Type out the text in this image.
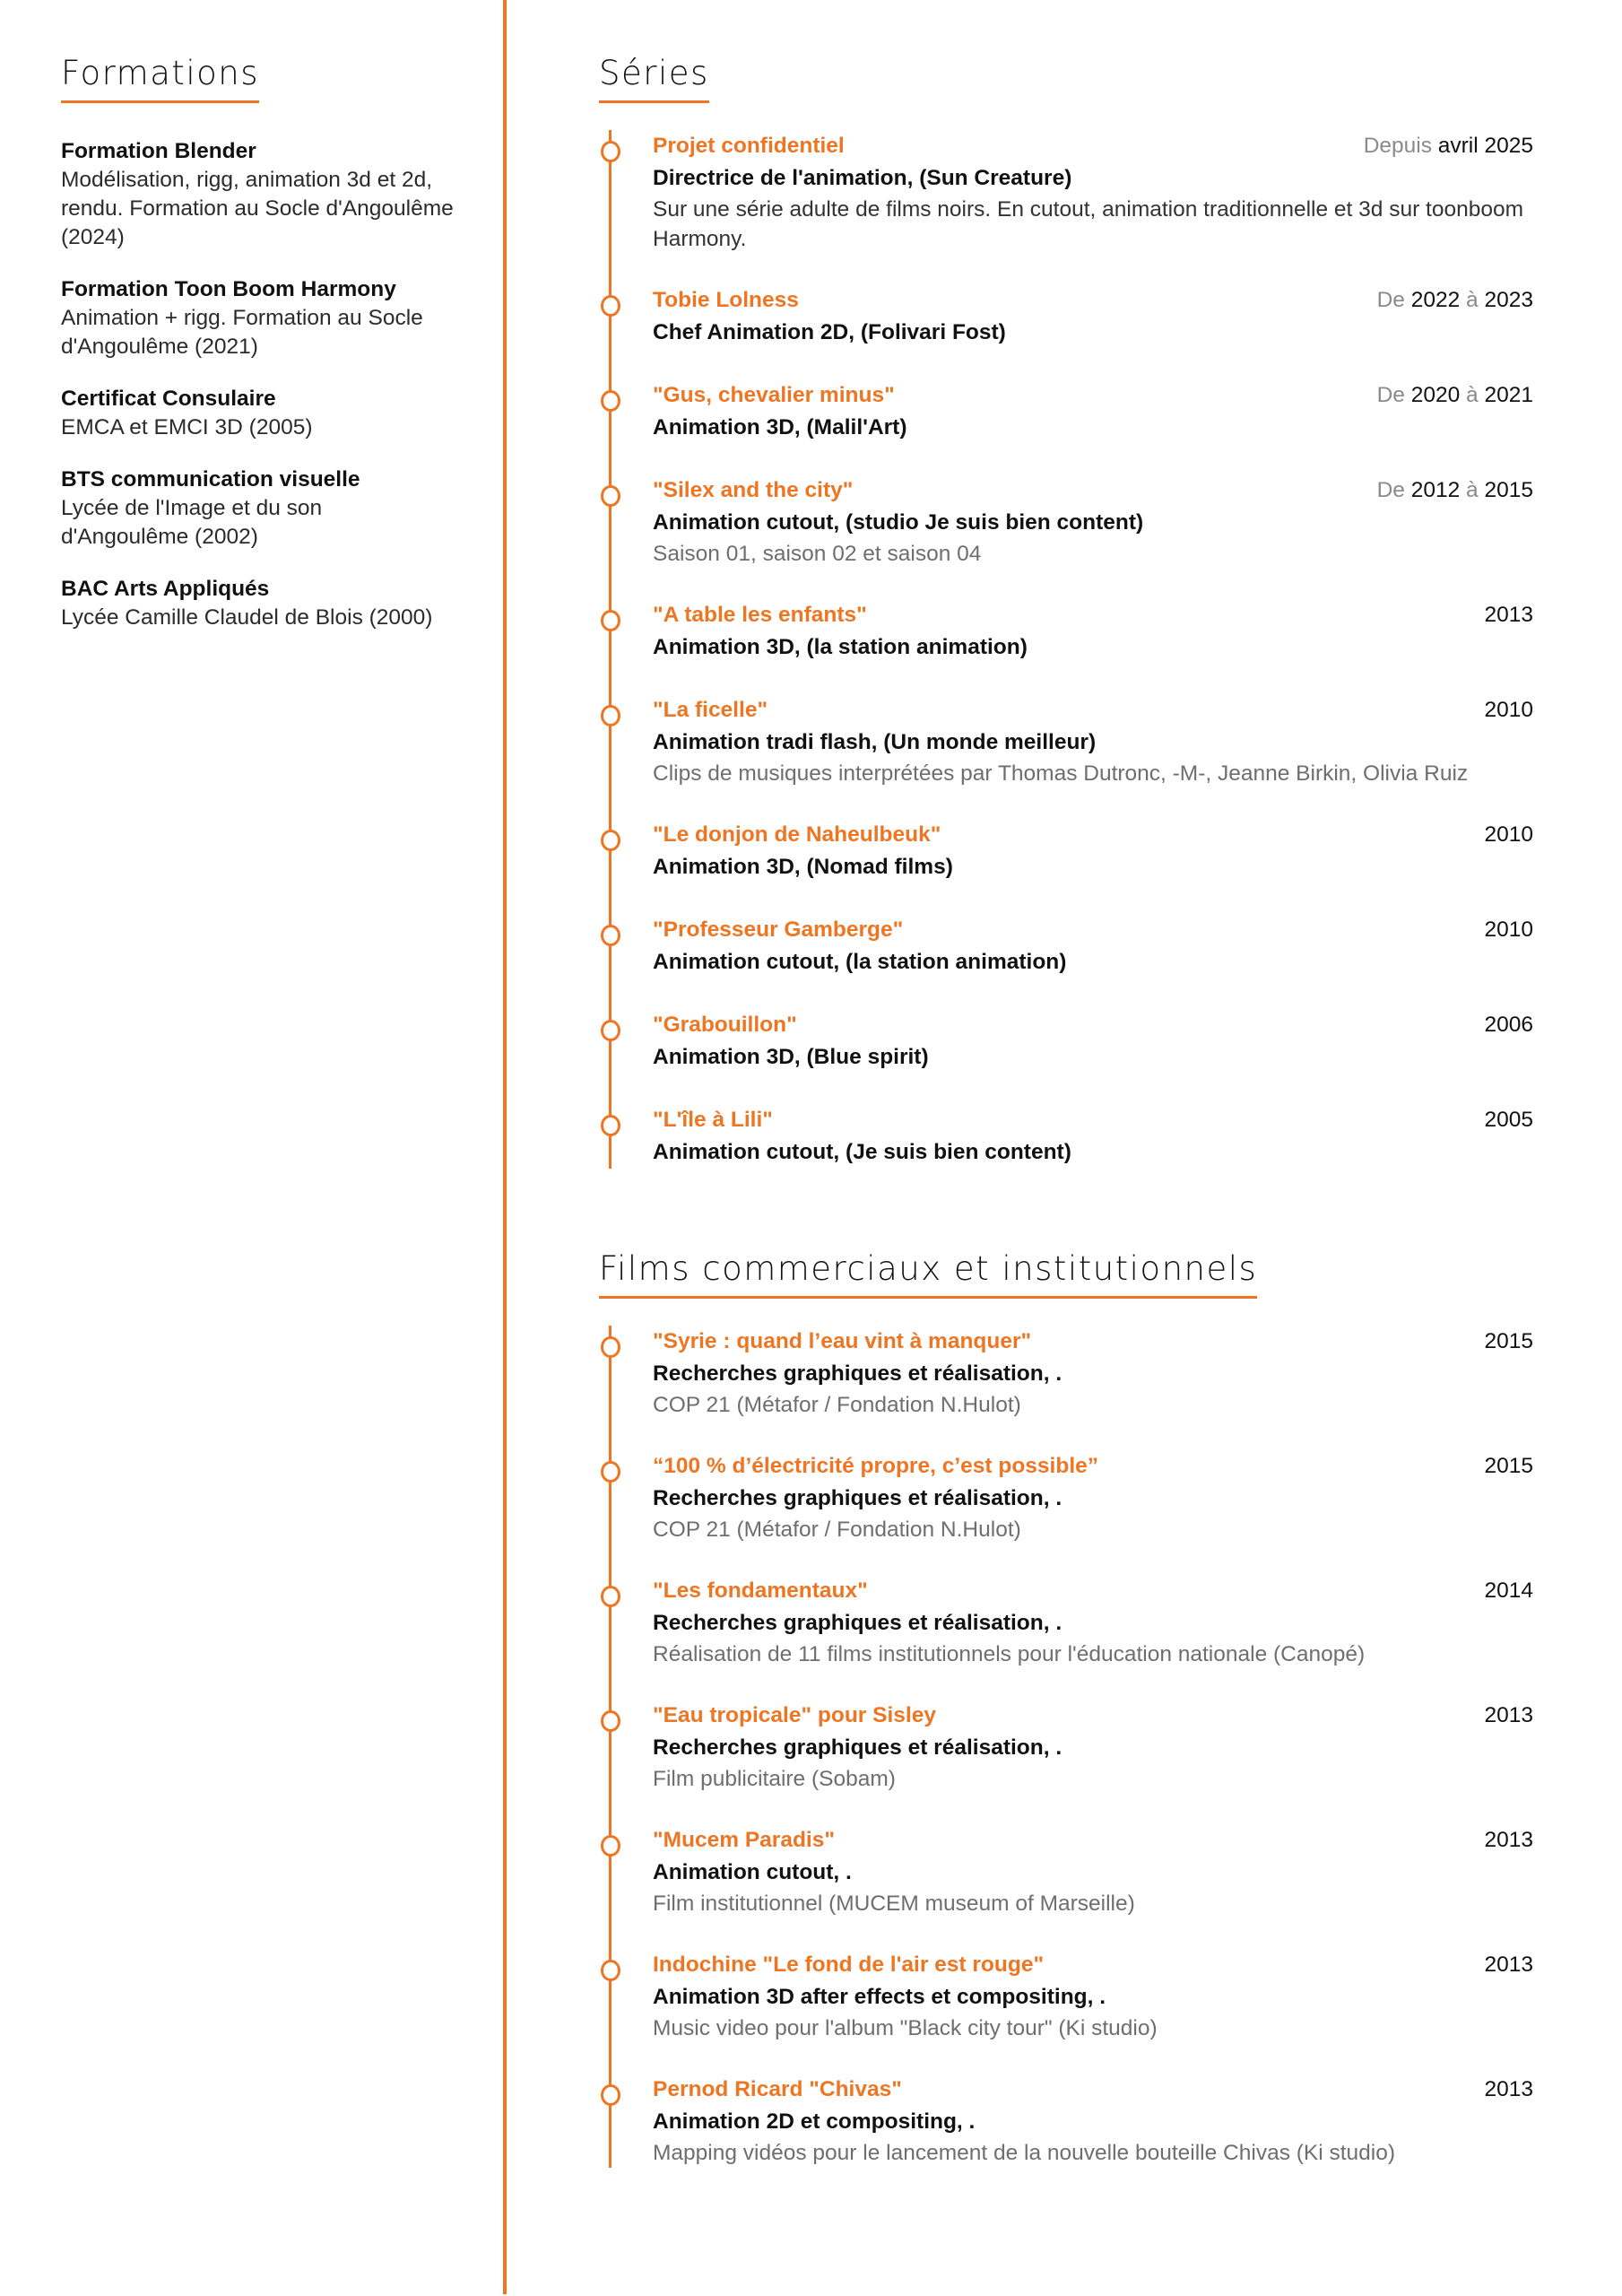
Formations
Formation Blender
Modélisation, rigg, animation 3d et 2d, rendu. Formation au Socle d'Angoulême (2024)
Formation Toon Boom Harmony
Animation + rigg. Formation au Socle d'Angoulême (2021)
Certificat Consulaire
EMCA et EMCI 3D (2005)
BTS communication visuelle
Lycée de l'Image et du son d'Angoulême (2002)
BAC Arts Appliqués
Lycée Camille Claudel de Blois (2000)
Séries
Projet confidentiel	Depuis avril 2025
Directrice de l'animation, (Sun Creature)
Sur une série adulte de films noirs. En cutout, animation traditionnelle et 3d sur toonboom Harmony.
Tobie Lolness	De 2022 à 2023
Chef Animation 2D, (Folivari Fost)
"Gus, chevalier minus"	De 2020 à 2021
Animation 3D, (Malil'Art)
"Silex and the city"	De 2012 à 2015
Animation cutout, (studio Je suis bien content)
Saison 01, saison 02 et saison 04
"A table les enfants"	2013
Animation 3D, (la station animation)
"La ficelle"	2010
Animation tradi flash, (Un monde meilleur)
Clips de musiques interprétées par Thomas Dutronc, -M-, Jeanne Birkin, Olivia Ruiz
"Le donjon de Naheulbeuk"	2010
Animation 3D, (Nomad films)
"Professeur Gamberge"	2010
Animation cutout, (la station animation)
"Grabouillon"	2006
Animation 3D, (Blue spirit)
"L'île à Lili"	2005
Animation cutout, (Je suis bien content)
Films commerciaux et institutionnels
"Syrie : quand l’eau vint à manquer"	2015
Recherches graphiques et réalisation, .
COP 21 (Métafor / Fondation N.Hulot)
“100 % d’électricité propre, c’est possible”	2015
Recherches graphiques et réalisation, .
COP 21 (Métafor / Fondation N.Hulot)
"Les fondamentaux"	2014
Recherches graphiques et réalisation, .
Réalisation de 11 films institutionnels pour l'éducation nationale (Canopé)
"Eau tropicale" pour Sisley	2013
Recherches graphiques et réalisation, .
Film publicitaire (Sobam)
"Mucem Paradis"	2013
Animation cutout, .
Film institutionnel (MUCEM museum of Marseille)
Indochine "Le fond de l'air est rouge"	2013
Animation 3D after effects et compositing, .
Music video pour l'album "Black city tour" (Ki studio)
Pernod Ricard "Chivas"	2013
Animation 2D et compositing, .
Mapping vidéos pour le lancement de la nouvelle bouteille Chivas (Ki studio)
